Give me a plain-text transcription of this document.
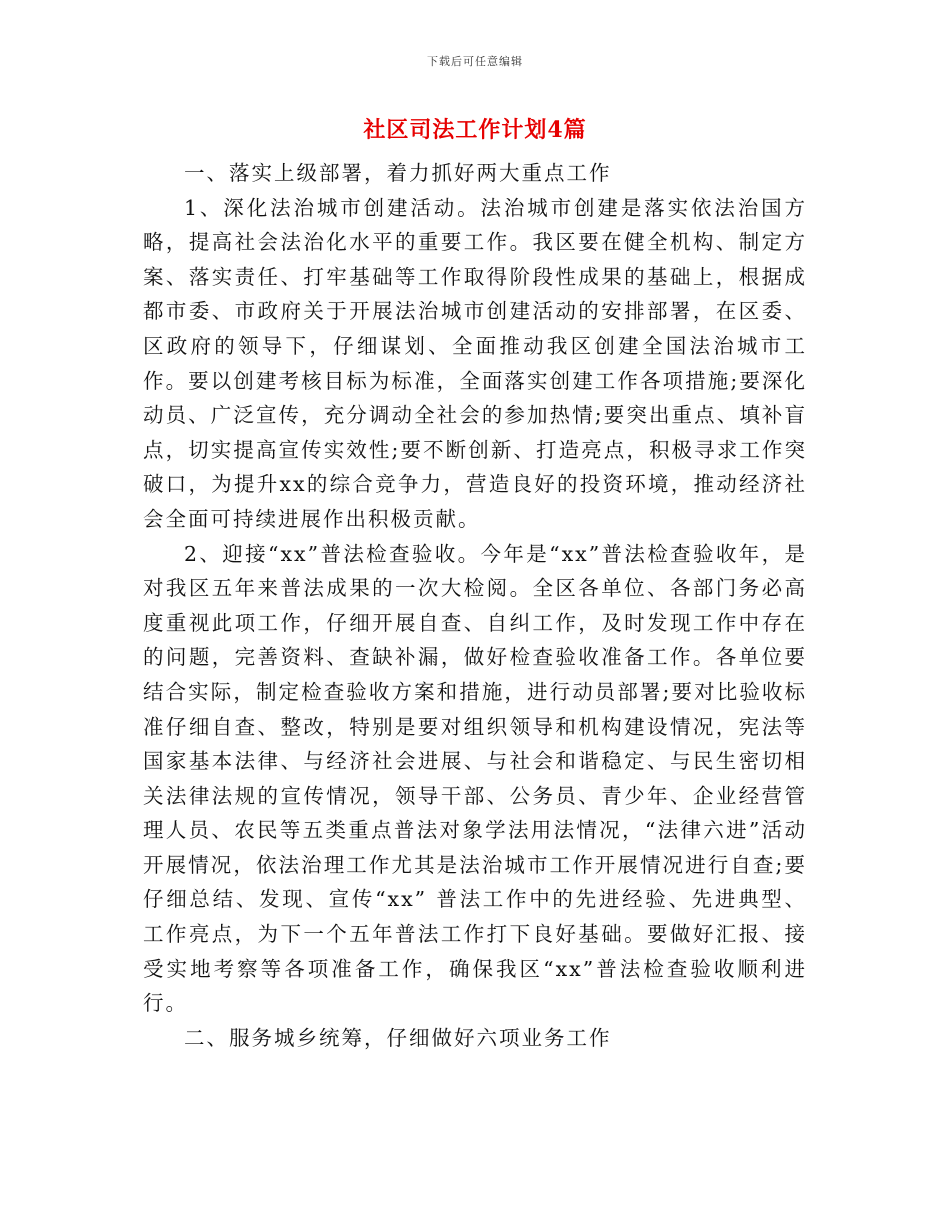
下载后可任意编辑
社区司法工作计划4篇

一、落实上级部署，着力抓好两大重点工作

1、深化法治城市创建活动。法治城市创建是落实依法治国方略，提高社会法治化水平的重要工作。我区要在健全机构、制定方案、落实责任、打牢基础等工作取得阶段性成果的基础上，根据成都市委、市政府关于开展法治城市创建活动的安排部署，在区委、区政府的领导下，仔细谋划、全面推动我区创建全国法治城市工作。要以创建考核目标为标准，全面落实创建工作各项措施;要深化动员、广泛宣传，充分调动全社会的参加热情;要突出重点、填补盲点，切实提高宣传实效性;要不断创新、打造亮点，积极寻求工作突破口，为提升xx的综合竞争力，营造良好的投资环境，推动经济社会全面可持续进展作出积极贡献。

2、迎接“xx”普法检查验收。今年是“xx”普法检查验收年，是对我区五年来普法成果的一次大检阅。全区各单位、各部门务必高度重视此项工作，仔细开展自查、自纠工作，及时发现工作中存在的问题，完善资料、查缺补漏，做好检查验收准备工作。各单位要结合实际，制定检查验收方案和措施，进行动员部署;要对比验收标准仔细自查、整改，特别是要对组织领导和机构建设情况，宪法等国家基本法律、与经济社会进展、与社会和谐稳定、与民生密切相关法律法规的宣传情况，领导干部、公务员、青少年、企业经营管理人员、农民等五类重点普法对象学法用法情况，“法律六进”活动开展情况，依法治理工作尤其是法治城市工作开展情况进行自查;要仔细总结、发现、宣传“xx” 普法工作中的先进经验、先进典型、工作亮点，为下一个五年普法工作打下良好基础。要做好汇报、接受实地考察等各项准备工作，确保我区“xx”普法检查验收顺利进行。

二、服务城乡统筹，仔细做好六项业务工作
